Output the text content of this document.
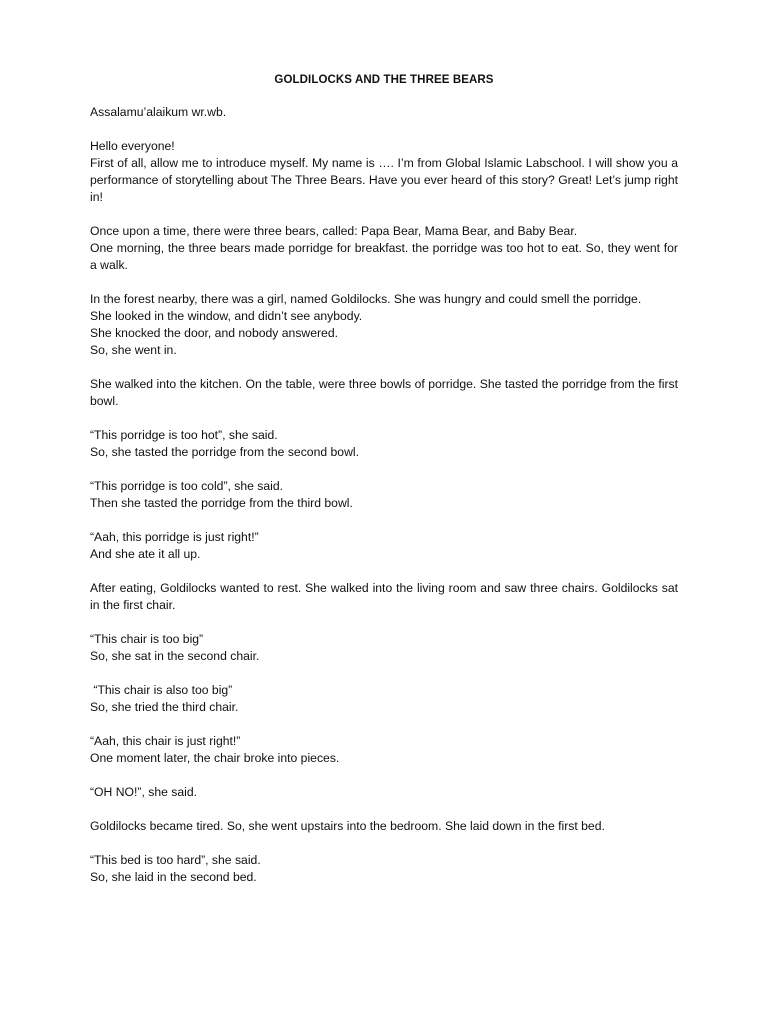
GOLDILOCKS AND THE THREE BEARS
Assalamu’alaikum wr.wb.
Hello everyone!
First of all, allow me to introduce myself. My name is …. I’m from Global Islamic Labschool. I will show you a performance of storytelling about The Three Bears. Have you ever heard of this story? Great! Let’s jump right in!
Once upon a time, there were three bears, called: Papa Bear, Mama Bear, and Baby Bear.
One morning, the three bears made porridge for breakfast. the porridge was too hot to eat. So, they went for a walk.
In the forest nearby, there was a girl, named Goldilocks. She was hungry and could smell the porridge.
She looked in the window, and didn’t see anybody.
She knocked the door, and nobody answered.
So, she went in.
She walked into the kitchen. On the table, were three bowls of porridge. She tasted the porridge from the first bowl.
“This porridge is too hot”, she said.
So, she tasted the porridge from the second bowl.
“This porridge is too cold”, she said.
Then she tasted the porridge from the third bowl.
“Aah, this porridge is just right!”
And she ate it all up.
After eating, Goldilocks wanted to rest. She walked into the living room and saw three chairs. Goldilocks sat in the first chair.
“This chair is too big”
So, she sat in the second chair.
“This chair is also too big”
So, she tried the third chair.
“Aah, this chair is just right!”
One moment later, the chair broke into pieces.
“OH NO!”, she said.
Goldilocks became tired. So, she went upstairs into the bedroom. She laid down in the first bed.
“This bed is too hard”, she said.
So, she laid in the second bed.
